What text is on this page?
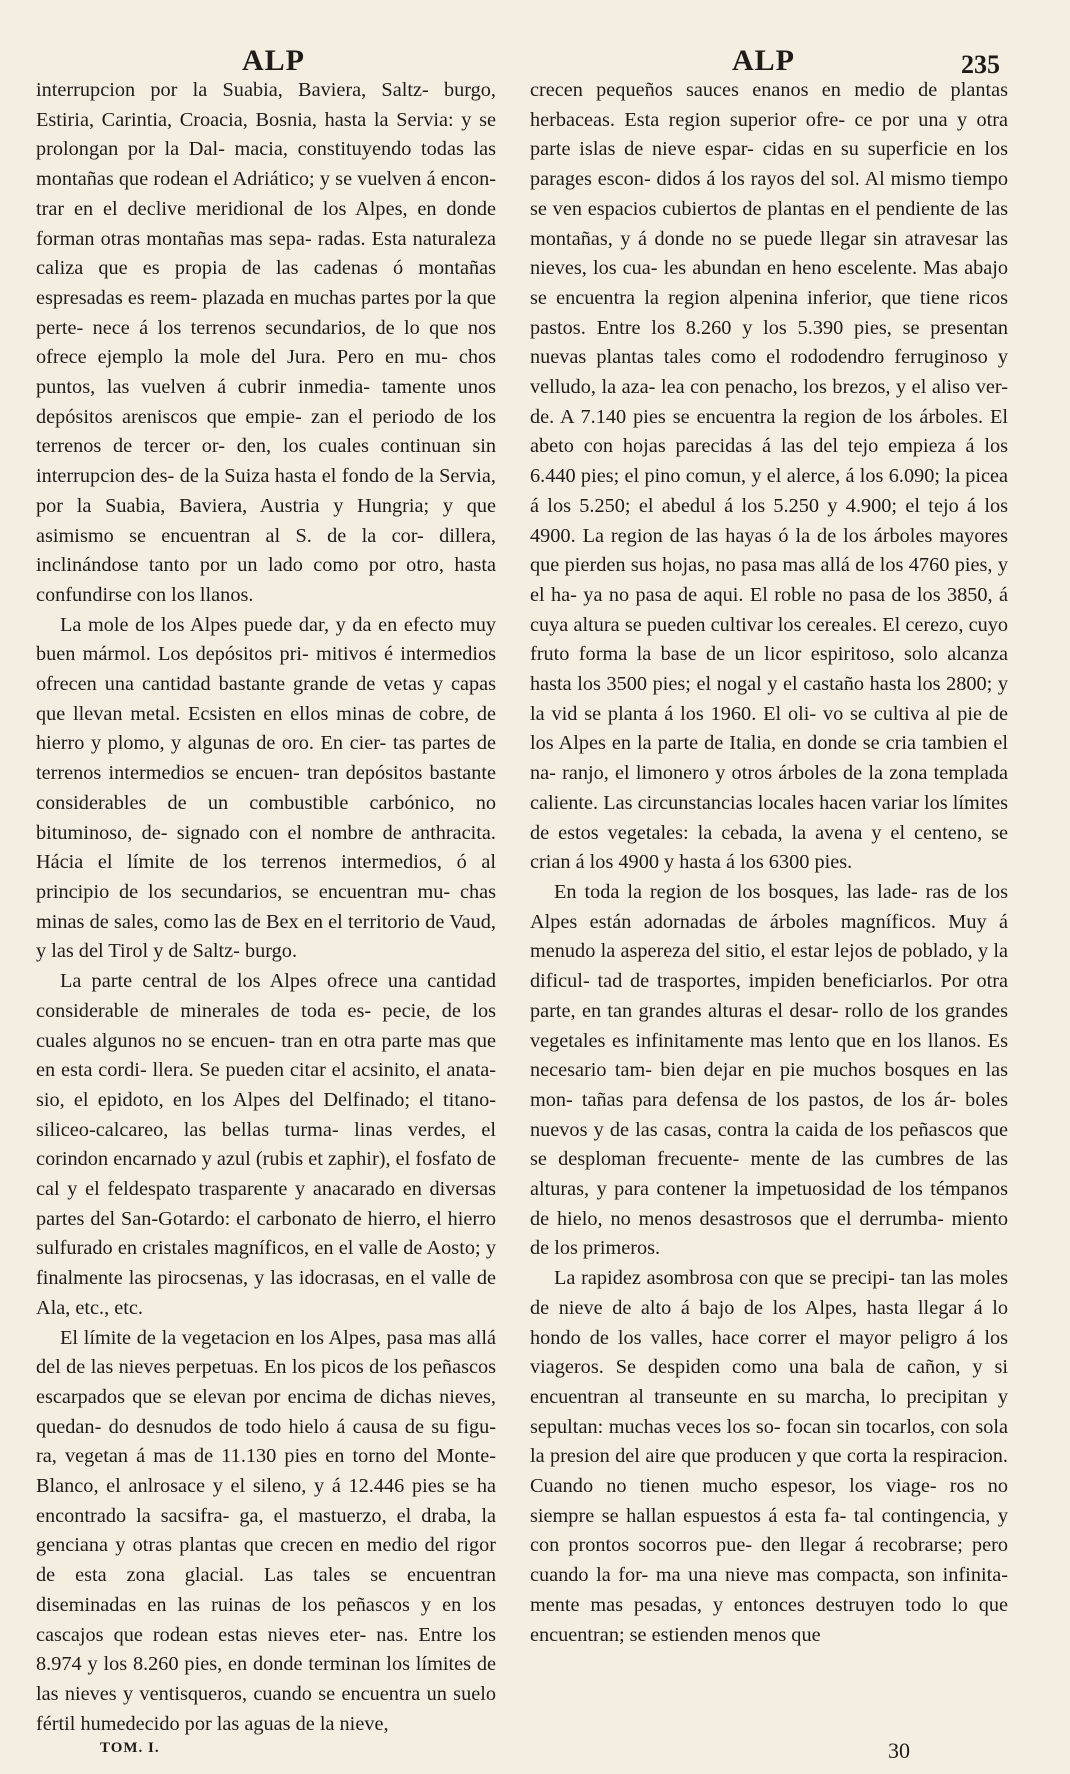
ALP	ALP	235

interrupcion por la Suabia, Baviera, Saltz- burgo, Estiria, Carintia, Croacia, Bosnia, hasta la Servia: y se prolongan por la Dal- macia, constituyendo todas las montañas que rodean el Adriático; y se vuelven á encon- trar en el declive meridional de los Alpes, en donde forman otras montañas mas sepa- radas. Esta naturaleza caliza que es propia de las cadenas ó montañas espresadas es reem- plazada en muchas partes por la que perte- nece á los terrenos secundarios, de lo que nos ofrece ejemplo la mole del Jura. Pero en mu- chos puntos, las vuelven á cubrir inmedia- tamente unos depósitos areniscos que empie- zan el periodo de los terrenos de tercer or- den, los cuales continuan sin interrupcion des- de la Suiza hasta el fondo de la Servia, por la Suabia, Baviera, Austria y Hungria; y que asimismo se encuentran al S. de la cor- dillera, inclinándose tanto por un lado como por otro, hasta confundirse con los llanos.

La mole de los Alpes puede dar, y da en efecto muy buen mármol. Los depósitos pri- mitivos é intermedios ofrecen una cantidad bastante grande de vetas y capas que llevan metal. Ecsisten en ellos minas de cobre, de hierro y plomo, y algunas de oro. En cier- tas partes de terrenos intermedios se encuen- tran depósitos bastante considerables de un combustible carbónico, no bituminoso, de- signado con el nombre de anthracita. Hácia el límite de los terrenos intermedios, ó al principio de los secundarios, se encuentran mu- chas minas de sales, como las de Bex en el territorio de Vaud, y las del Tirol y de Saltz- burgo.

La parte central de los Alpes ofrece una cantidad considerable de minerales de toda es- pecie, de los cuales algunos no se encuen- tran en otra parte mas que en esta cordi- llera. Se pueden citar el acsinito, el anata- sio, el epidoto, en los Alpes del Delfinado; el titano-siliceo-calcareo, las bellas turma- linas verdes, el corindon encarnado y azul (rubis et zaphir), el fosfato de cal y el feldespato trasparente y anacarado en diversas partes del San-Gotardo: el carbonato de hierro, el hierro sulfurado en cristales magníficos, en el valle de Aosto; y finalmente las pirocsenas, y las idocrasas, en el valle de Ala, etc., etc.

El límite de la vegetacion en los Alpes, pasa mas allá del de las nieves perpetuas. En los picos de los peñascos escarpados que se elevan por encima de dichas nieves, quedan- do desnudos de todo hielo á causa de su figu- ra, vegetan á mas de 11.130 pies en torno del Monte-Blanco, el anlrosace y el sileno, y á 12.446 pies se ha encontrado la sacsifra- ga, el mastuerzo, el draba, la genciana y otras plantas que crecen en medio del rigor de esta zona glacial. Las tales se encuentran diseminadas en las ruinas de los peñascos y en los cascajos que rodean estas nieves eter- nas. Entre los 8.974 y los 8.260 pies, en donde terminan los límites de las nieves y ventisqueros, cuando se encuentra un suelo fértil humedecido por las aguas de la nieve,

crecen pequeños sauces enanos en medio de plantas herbaceas. Esta region superior ofre- ce por una y otra parte islas de nieve espar- cidas en su superficie en los parages escon- didos á los rayos del sol. Al mismo tiempo se ven espacios cubiertos de plantas en el pendiente de las montañas, y á donde no se puede llegar sin atravesar las nieves, los cua- les abundan en heno escelente. Mas abajo se encuentra la region alpenina inferior, que tiene ricos pastos. Entre los 8.260 y los 5.390 pies, se presentan nuevas plantas tales como el rododendro ferruginoso y velludo, la aza- lea con penacho, los brezos, y el aliso ver- de. A 7.140 pies se encuentra la region de los árboles. El abeto con hojas parecidas á las del tejo empieza á los 6.440 pies; el pino comun, y el alerce, á los 6.090; la picea á los 5.250; el abedul á los 5.250 y 4.900; el tejo á los 4900. La region de las hayas ó la de los árboles mayores que pierden sus hojas, no pasa mas allá de los 4760 pies, y el ha- ya no pasa de aqui. El roble no pasa de los 3850, á cuya altura se pueden cultivar los cereales. El cerezo, cuyo fruto forma la base de un licor espiritoso, solo alcanza hasta los 3500 pies; el nogal y el castaño hasta los 2800; y la vid se planta á los 1960. El oli- vo se cultiva al pie de los Alpes en la parte de Italia, en donde se cria tambien el na- ranjo, el limonero y otros árboles de la zona templada caliente. Las circunstancias locales hacen variar los límites de estos vegetales: la cebada, la avena y el centeno, se crian á los 4900 y hasta á los 6300 pies.

En toda la region de los bosques, las lade- ras de los Alpes están adornadas de árboles magníficos. Muy á menudo la aspereza del sitio, el estar lejos de poblado, y la dificul- tad de trasportes, impiden beneficiarlos. Por otra parte, en tan grandes alturas el desar- rollo de los grandes vegetales es infinitamente mas lento que en los llanos. Es necesario tam- bien dejar en pie muchos bosques en las mon- tañas para defensa de los pastos, de los ár- boles nuevos y de las casas, contra la caida de los peñascos que se desploman frecuente- mente de las cumbres de las alturas, y para contener la impetuosidad de los témpanos de hielo, no menos desastrosos que el derrumba- miento de los primeros.

La rapidez asombrosa con que se precipi- tan las moles de nieve de alto á bajo de los Alpes, hasta llegar á lo hondo de los valles, hace correr el mayor peligro á los viageros. Se despiden como una bala de cañon, y si encuentran al transeunte en su marcha, lo precipitan y sepultan: muchas veces los so- focan sin tocarlos, con sola la presion del aire que producen y que corta la respiracion. Cuando no tienen mucho espesor, los viage- ros no siempre se hallan espuestos á esta fa- tal contingencia, y con prontos socorros pue- den llegar á recobrarse; pero cuando la for- ma una nieve mas compacta, son infinita- mente mas pesadas, y entonces destruyen todo lo que encuentran; se estienden menos que

TOM. I.	30
